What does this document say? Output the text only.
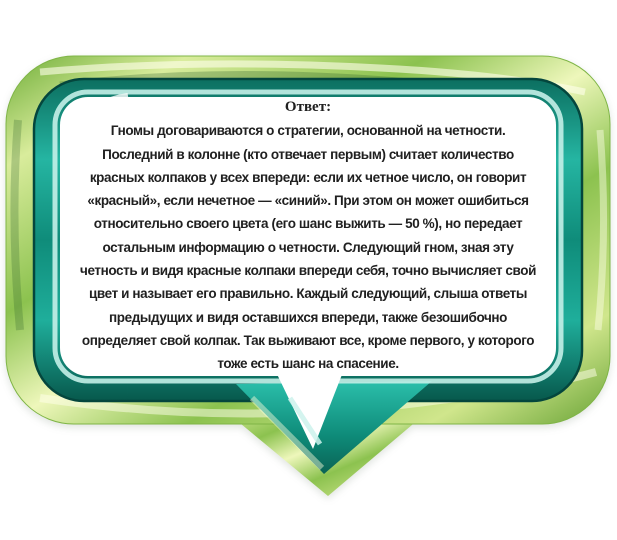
Ответ:
Гномы договариваются о стратегии, основанной на четности.
Последний в колонне (кто отвечает первым) считает количество
красных колпаков у всех впереди: если их четное число, он говорит
«красный», если нечетное — «синий». При этом он может ошибиться
относительно своего цвета (его шанс выжить — 50 %), но передает
остальным информацию о четности. Следующий гном, зная эту
четность и видя красные колпаки впереди себя, точно вычисляет свой
цвет и называет его правильно. Каждый следующий, слыша ответы
предыдущих и видя оставшихся впереди, также безошибочно
определяет свой колпак. Так выживают все, кроме первого, у которого
тоже есть шанс на спасение.
